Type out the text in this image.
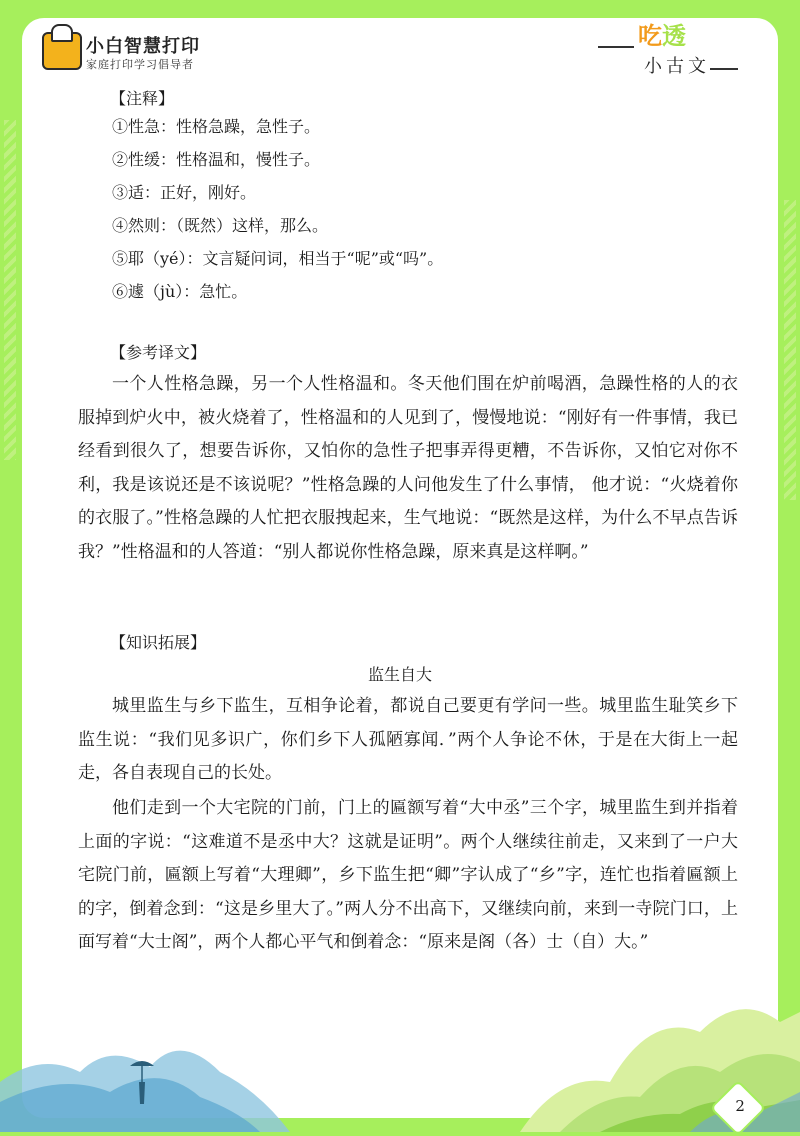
小白智慧打印
家庭打印学习倡导者
吃透
小古文
【注释】
①性急：性格急躁，急性子。
②性缓：性格温和，慢性子。
③适：正好，刚好。
④然则：（既然）这样，那么。
⑤耶（yé）：文言疑问词，相当于“呢”或“吗”。
⑥遽（jù）：急忙。
【参考译文】

一个人性格急躁，另一个人性格温和。冬天他们围在炉前喝酒，急躁性格的人的衣服掉到炉火中，被火烧着了，性格温和的人见到了，慢慢地说：“刚好有一件事情，我已经看到很久了，想要告诉你，又怕你的急性子把事弄得更糟，不告诉你，又怕它对你不利，我是该说还是不该说呢？”性格急躁的人问他发生了什么事情， 他才说：“火烧着你的衣服了。”性格急躁的人忙把衣服拽起来，生气地说：“既然是这样，为什么不早点告诉我？”性格温和的人答道：“别人都说你性格急躁，原来真是这样啊。”

【知识拓展】
监生自大

城里监生与乡下监生，互相争论着，都说自己要更有学问一些。城里监生耻笑乡下监生说：“我们见多识广，你们乡下人孤陋寡闻．”两个人争论不休，于是在大街上一起走，各自表现自己的长处。

他们走到一个大宅院的门前，门上的匾额写着“大中丞”三个字，城里监生到并指着上面的字说：“这难道不是丞中大？这就是证明”。两个人继续往前走，又来到了一户大宅院门前，匾额上写着“大理卿”，乡下监生把“卿”字认成了“乡”字，连忙也指着匾额上的字，倒着念到：“这是乡里大了。”两人分不出高下，又继续向前，来到一寺院门口，上面写着“大士阁”，两个人都心平气和倒着念：“原来是阁（各）士（自）大。”

2
